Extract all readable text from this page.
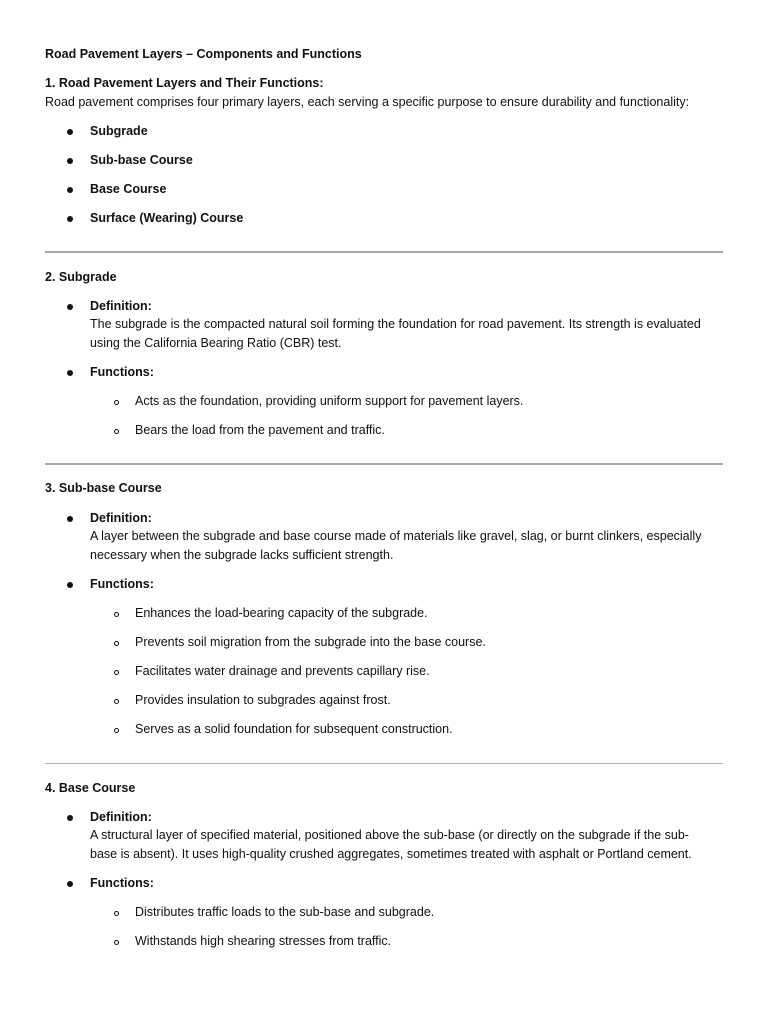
Road Pavement Layers – Components and Functions
1. Road Pavement Layers and Their Functions:
Road pavement comprises four primary layers, each serving a specific purpose to ensure durability and functionality:
Subgrade
Sub-base Course
Base Course
Surface (Wearing) Course
2. Subgrade
Definition:
The subgrade is the compacted natural soil forming the foundation for road pavement. Its strength is evaluated
using the California Bearing Ratio (CBR) test.
Functions:
Acts as the foundation, providing uniform support for pavement layers.
Bears the load from the pavement and traffic.
3. Sub-base Course
Definition:
A layer between the subgrade and base course made of materials like gravel, slag, or burnt clinkers, especially
necessary when the subgrade lacks sufficient strength.
Functions:
Enhances the load-bearing capacity of the subgrade.
Prevents soil migration from the subgrade into the base course.
Facilitates water drainage and prevents capillary rise.
Provides insulation to subgrades against frost.
Serves as a solid foundation for subsequent construction.
4. Base Course
Definition:
A structural layer of specified material, positioned above the sub-base (or directly on the subgrade if the sub-
base is absent). It uses high-quality crushed aggregates, sometimes treated with asphalt or Portland cement.
Functions:
Distributes traffic loads to the sub-base and subgrade.
Withstands high shearing stresses from traffic.
